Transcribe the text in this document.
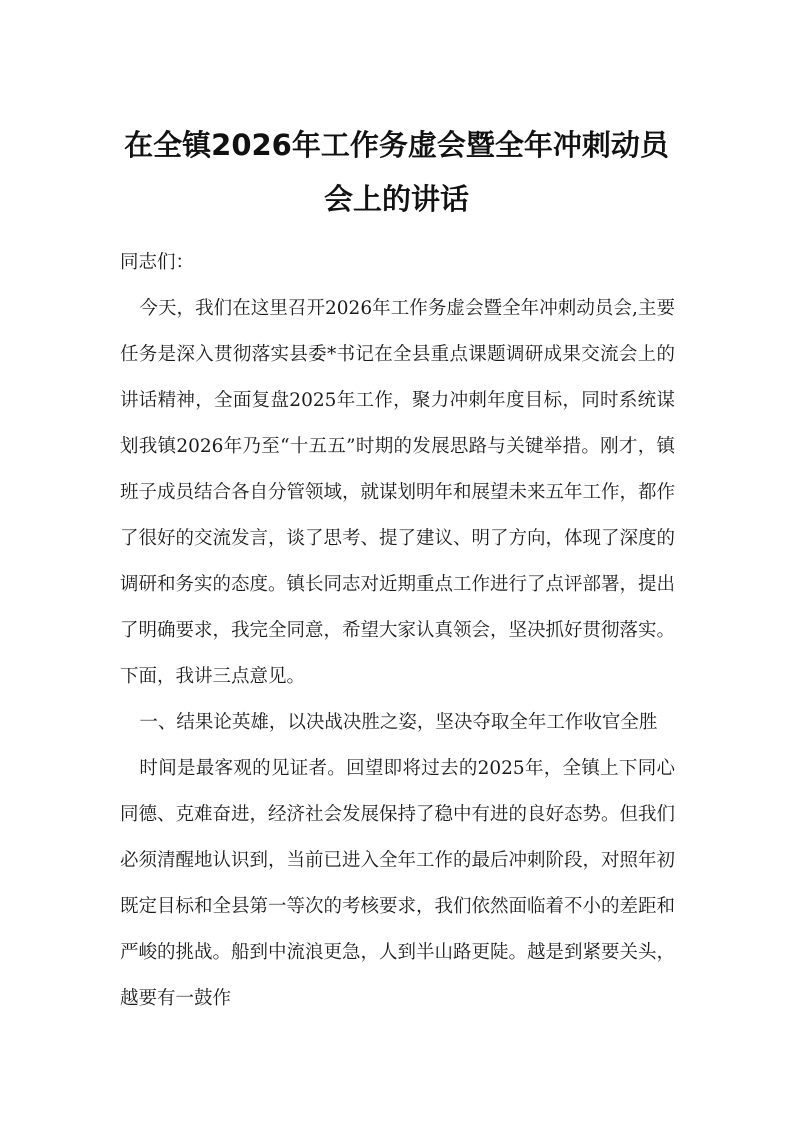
在全镇2026年工作务虚会暨全年冲刺动员会上的讲话

同志们：

今天，我们在这里召开2026年工作务虚会暨全年冲刺动员会,主要任务是深入贯彻落实县委*书记在全县重点课题调研成果交流会上的讲话精神，全面复盘2025年工作，聚力冲刺年度目标，同时系统谋划我镇2026年乃至“十五五”时期的发展思路与关键举措。刚才，镇班子成员结合各自分管领域，就谋划明年和展望未来五年工作，都作了很好的交流发言，谈了思考、提了建议、明了方向，体现了深度的调研和务实的态度。镇长同志对近期重点工作进行了点评部署，提出了明确要求，我完全同意，希望大家认真领会，坚决抓好贯彻落实。下面，我讲三点意见。

一、结果论英雄，以决战决胜之姿，坚决夺取全年工作收官全胜

时间是最客观的见证者。回望即将过去的2025年，全镇上下同心同德、克难奋进，经济社会发展保持了稳中有进的良好态势。但我们必须清醒地认识到，当前已进入全年工作的最后冲刺阶段，对照年初既定目标和全县第一等次的考核要求，我们依然面临着不小的差距和严峻的挑战。船到中流浪更急，人到半山路更陡。越是到紧要关头，越要有一鼓作
